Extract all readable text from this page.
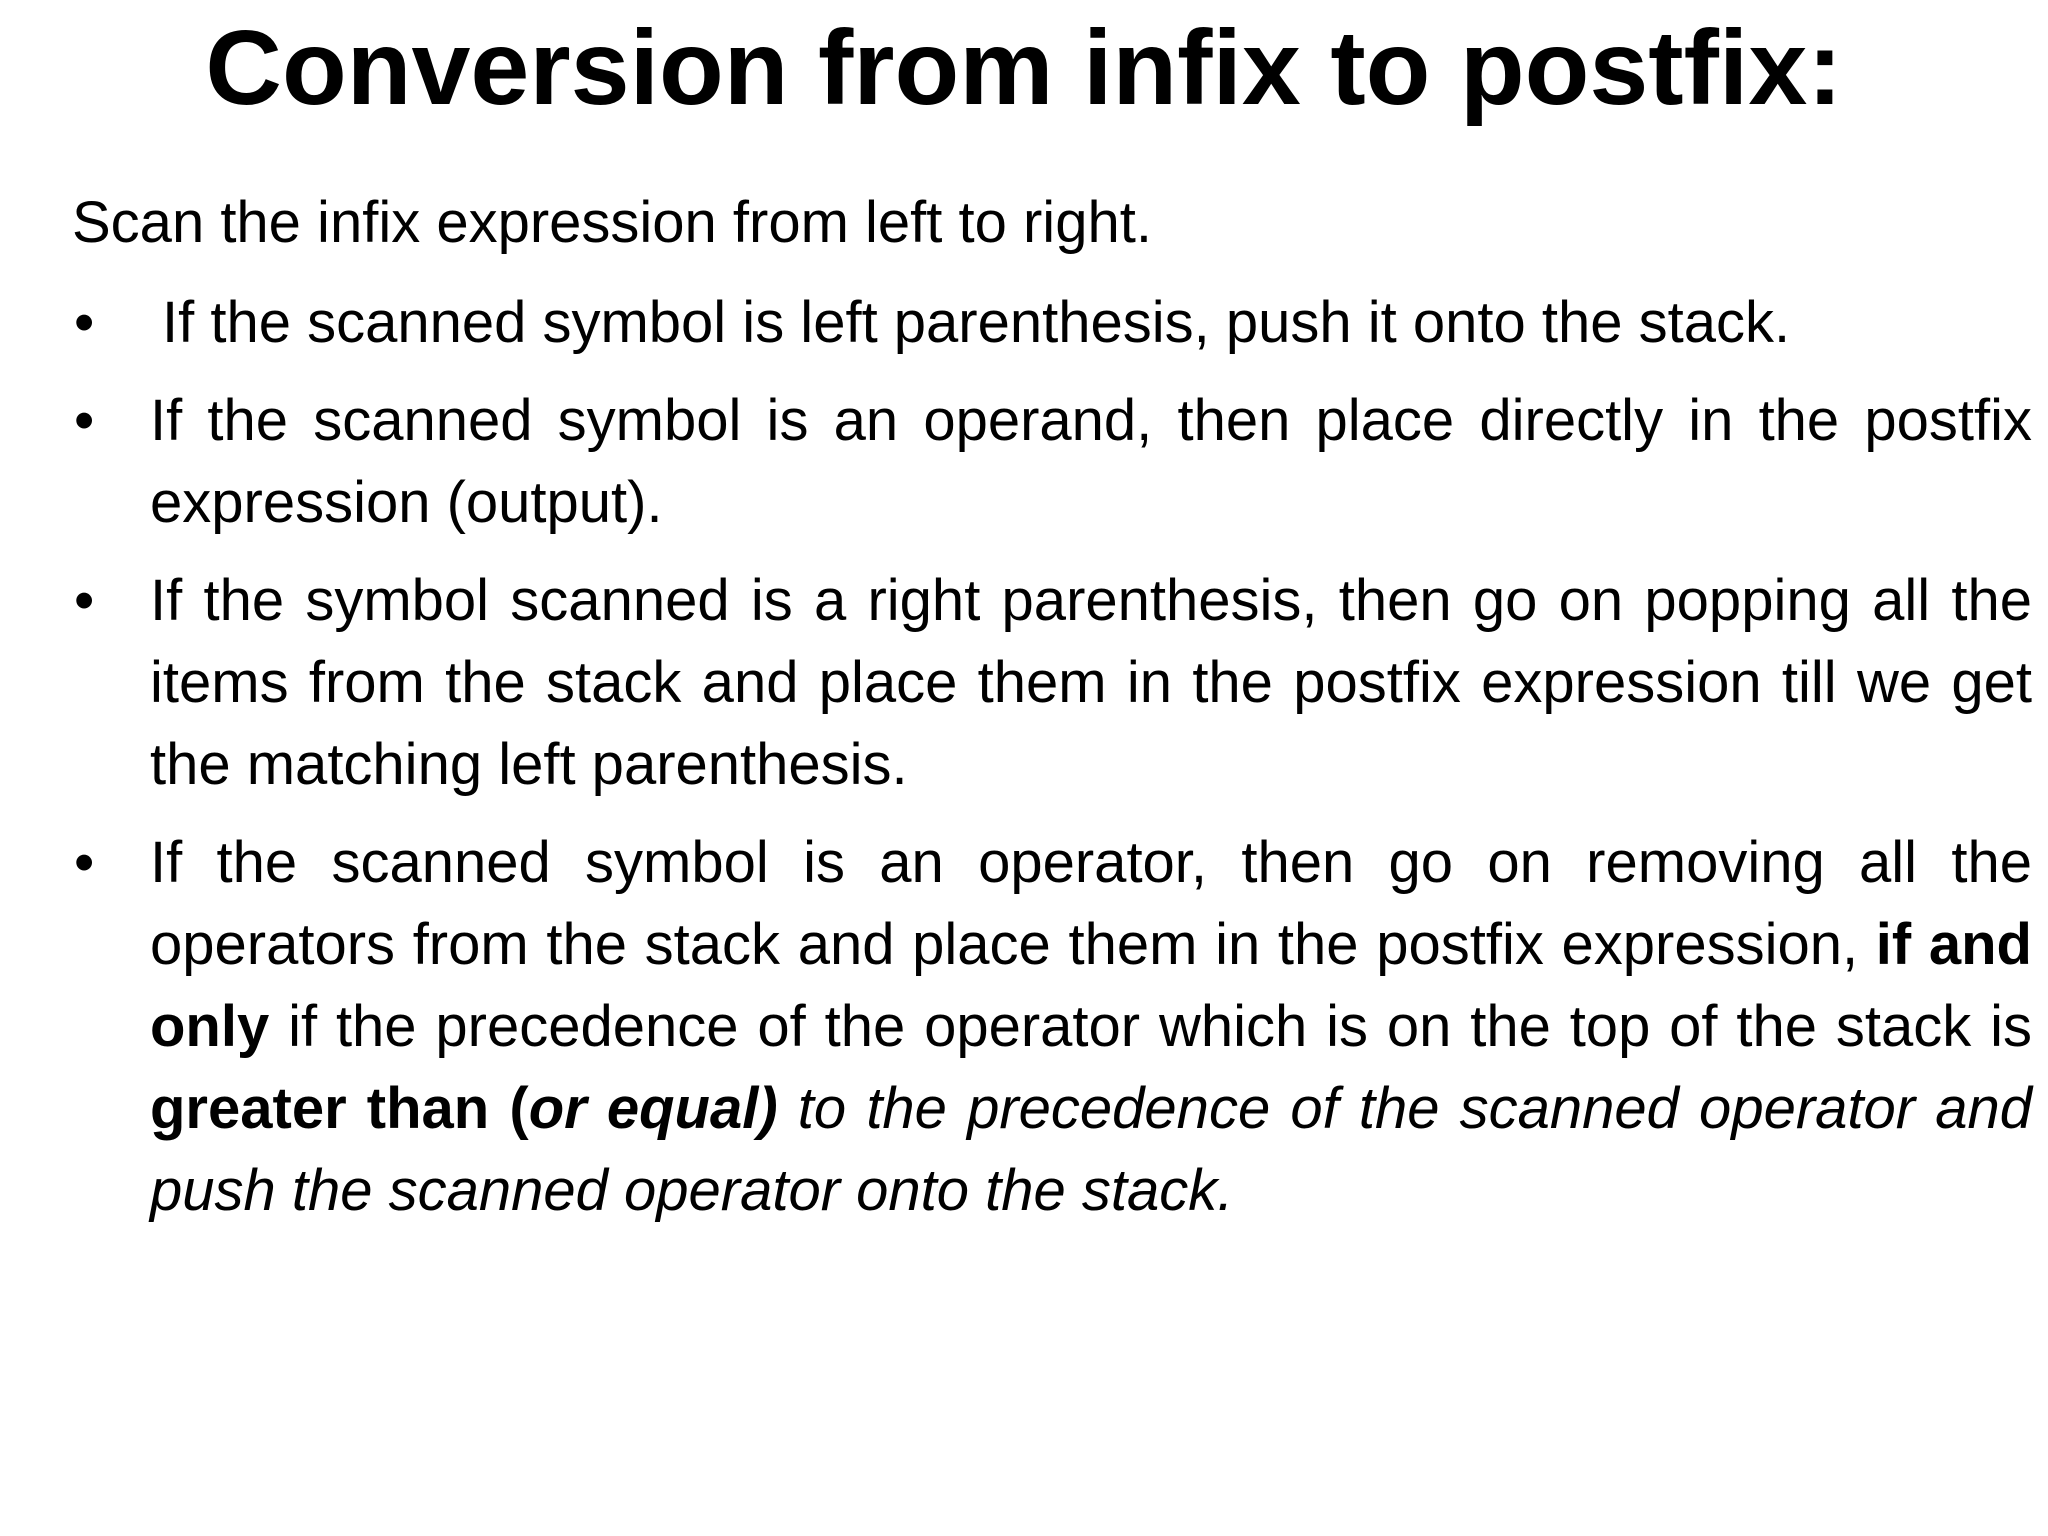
Conversion from infix to postfix:

Scan the infix expression from left to right.

•	If the scanned symbol is left parenthesis, push it onto the stack.
• If the scanned symbol is an operand, then place directly in the postfix expression (output).
• If the symbol scanned is a right parenthesis, then go on popping all the items from the stack and place them in the postfix expression till we get the matching left parenthesis.
• If the scanned symbol is an operator, then go on removing all the operators from the stack and place them in the postfix expression, if and only if the precedence of the operator which is on the top of the stack is greater than (or equal) to the precedence of the scanned operator and push the scanned operator onto the stack.
